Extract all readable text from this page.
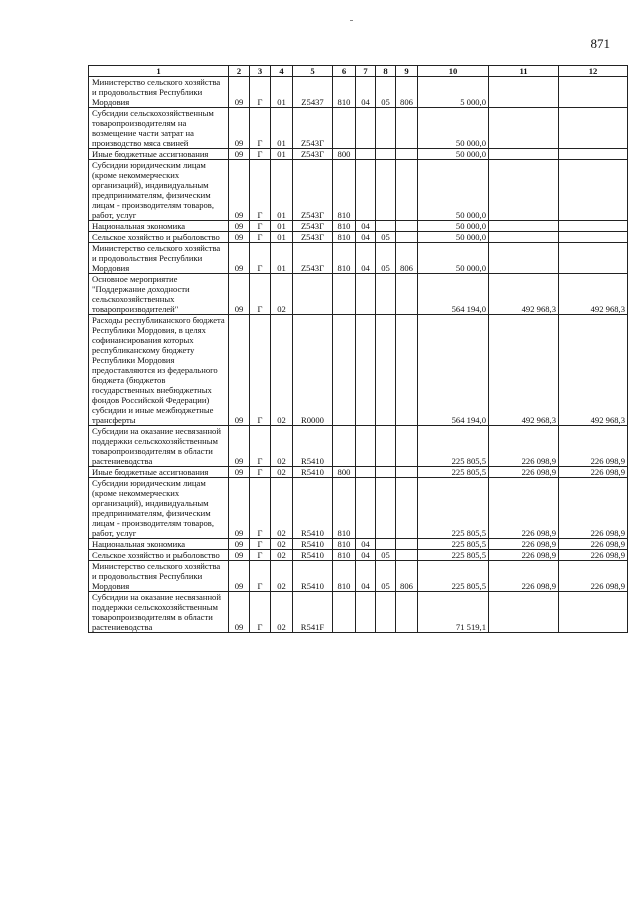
871
1	2	3	4	5	6	7	8	9	10	11	12
Министерство сельского хозяйства и продовольствия Республики Мордовия	09	Г	01	Z5437	810	04	05	806	5 000,0		
Субсидии сельскохозяйственным товаропроизводителям на возмещение части затрат на производство мяса свиней	09	Г	01	Z543Г					50 000,0		
Иные бюджетные ассигнования	09	Г	01	Z543Г	800				50 000,0		
Субсидии юридическим лицам (кроме некоммерческих организаций), индивидуальным предпринимателям, физическим лицам - производителям товаров, работ, услуг	09	Г	01	Z543Г	810				50 000,0		
Национальная экономика	09	Г	01	Z543Г	810	04			50 000,0		
Сельское хозяйство и рыболовство	09	Г	01	Z543Г	810	04	05		50 000,0		
Министерство сельского хозяйства и продовольствия Республики Мордовия	09	Г	01	Z543Г	810	04	05	806	50 000,0		
Основное мероприятие "Поддержание доходности сельскохозяйственных товаропроизводителей"	09	Г	02						564 194,0	492 968,3	492 968,3
Расходы республиканского бюджета Республики Мордовия, в целях софинансирования которых республиканскому бюджету Республики Мордовия предоставляются из федерального бюджета (бюджетов государственных внебюджетных фондов Российской Федерации) субсидии и иные межбюджетные трансферты	09	Г	02	R0000					564 194,0	492 968,3	492 968,3
Субсидии на оказание несвязанной поддержки сельскохозяйственным товаропроизводителям в области растениеводства	09	Г	02	R5410					225 805,5	226 098,9	226 098,9
Иные бюджетные ассигнования	09	Г	02	R5410	800				225 805,5	226 098,9	226 098,9
Субсидии юридическим лицам (кроме некоммерческих организаций), индивидуальным предпринимателям, физическим лицам - производителям товаров, работ, услуг	09	Г	02	R5410	810				225 805,5	226 098,9	226 098,9
Национальная экономика	09	Г	02	R5410	810	04			225 805,5	226 098,9	226 098,9
Сельское хозяйство и рыболовство	09	Г	02	R5410	810	04	05		225 805,5	226 098,9	226 098,9
Министерство сельского хозяйства и продовольствия Республики Мордовия	09	Г	02	R5410	810	04	05	806	225 805,5	226 098,9	226 098,9
Субсидии на оказание несвязанной поддержки сельскохозяйственным товаропроизводителям в области растениеводства	09	Г	02	R541F					71 519,1		
